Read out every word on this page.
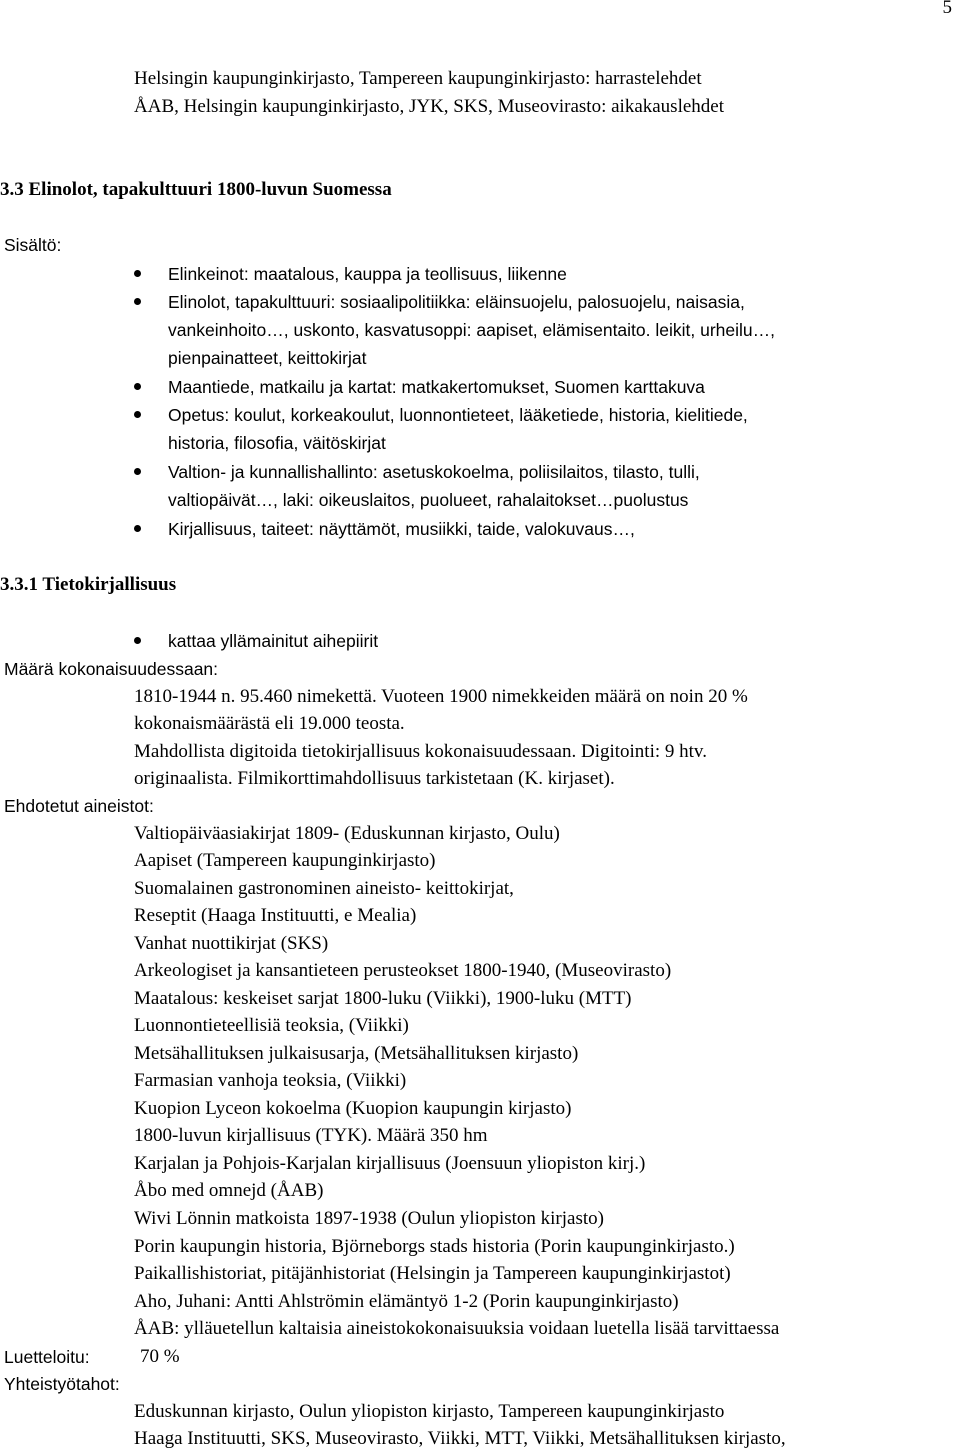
5
Helsingin kaupunginkirjasto, Tampereen kaupunginkirjasto: harrastelehdet
ÅAB, Helsingin kaupunginkirjasto, JYK, SKS, Museovirasto: aikakauslehdet
3.3 Elinolot, tapakulttuuri 1800-luvun Suomessa
Sisältö:
Elinkeinot: maatalous, kauppa ja teollisuus, liikenne
Elinolot, tapakulttuuri: sosiaalipolitiikka: eläinsuojelu, palosuojelu, naisasia,
vankeinhoito…, uskonto, kasvatusoppi: aapiset, elämisentaito. leikit, urheilu…,
pienpainatteet, keittokirjat
Maantiede, matkailu ja kartat: matkakertomukset, Suomen karttakuva
Opetus: koulut, korkeakoulut, luonnontieteet, lääketiede, historia, kielitiede,
historia, filosofia, väitöskirjat
Valtion- ja kunnallishallinto: asetuskokoelma, poliisilaitos, tilasto, tulli,
valtiopäivät…, laki: oikeuslaitos, puolueet, rahalaitokset…puolustus
Kirjallisuus, taiteet: näyttämöt, musiikki, taide, valokuvaus…,
3.3.1 Tietokirjallisuus
kattaa yllämainitut aihepiirit
Määrä kokonaisuudessaan:
1810-1944 n. 95.460 nimekettä. Vuoteen 1900 nimekkeiden määrä on noin 20 %
kokonaismäärästä eli 19.000 teosta.
Mahdollista digitoida tietokirjallisuus kokonaisuudessaan. Digitointi: 9 htv.
originaalista. Filmikorttimahdollisuus tarkistetaan (K. kirjaset).
Ehdotetut aineistot:
Valtiopäiväasiakirjat 1809- (Eduskunnan kirjasto, Oulu)
Aapiset (Tampereen kaupunginkirjasto)
Suomalainen gastronominen aineisto- keittokirjat,
Reseptit (Haaga Instituutti, e Mealia)
Vanhat nuottikirjat (SKS)
Arkeologiset ja kansantieteen perusteokset 1800-1940, (Museovirasto)
Maatalous: keskeiset sarjat 1800-luku (Viikki), 1900-luku (MTT)
Luonnontieteellisiä teoksia, (Viikki)
Metsähallituksen julkaisusarja, (Metsähallituksen kirjasto)
Farmasian vanhoja teoksia, (Viikki)
Kuopion Lyceon kokoelma (Kuopion kaupungin kirjasto)
1800-luvun kirjallisuus (TYK). Määrä 350 hm
Karjalan ja Pohjois-Karjalan kirjallisuus (Joensuun yliopiston kirj.)
Åbo med omnejd (ÅAB)
Wivi Lönnin matkoista 1897-1938 (Oulun yliopiston kirjasto)
Porin kaupungin historia, Björneborgs stads historia (Porin kaupunginkirjasto.)
Paikallishistoriat, pitäjänhistoriat (Helsingin ja Tampereen kaupunginkirjastot)
Aho, Juhani: Antti Ahlströmin elämäntyö 1-2 (Porin kaupunginkirjasto)
ÅAB: ylläuetellun kaltaisia aineistokokonaisuuksia voidaan luetella lisää tarvittaessa
Luetteloitu:	70 %
Yhteistyötahot:
Eduskunnan kirjasto, Oulun yliopiston kirjasto, Tampereen kaupunginkirjasto
Haaga Instituutti, SKS, Museovirasto, Viikki, MTT, Viikki, Metsähallituksen kirjasto,
